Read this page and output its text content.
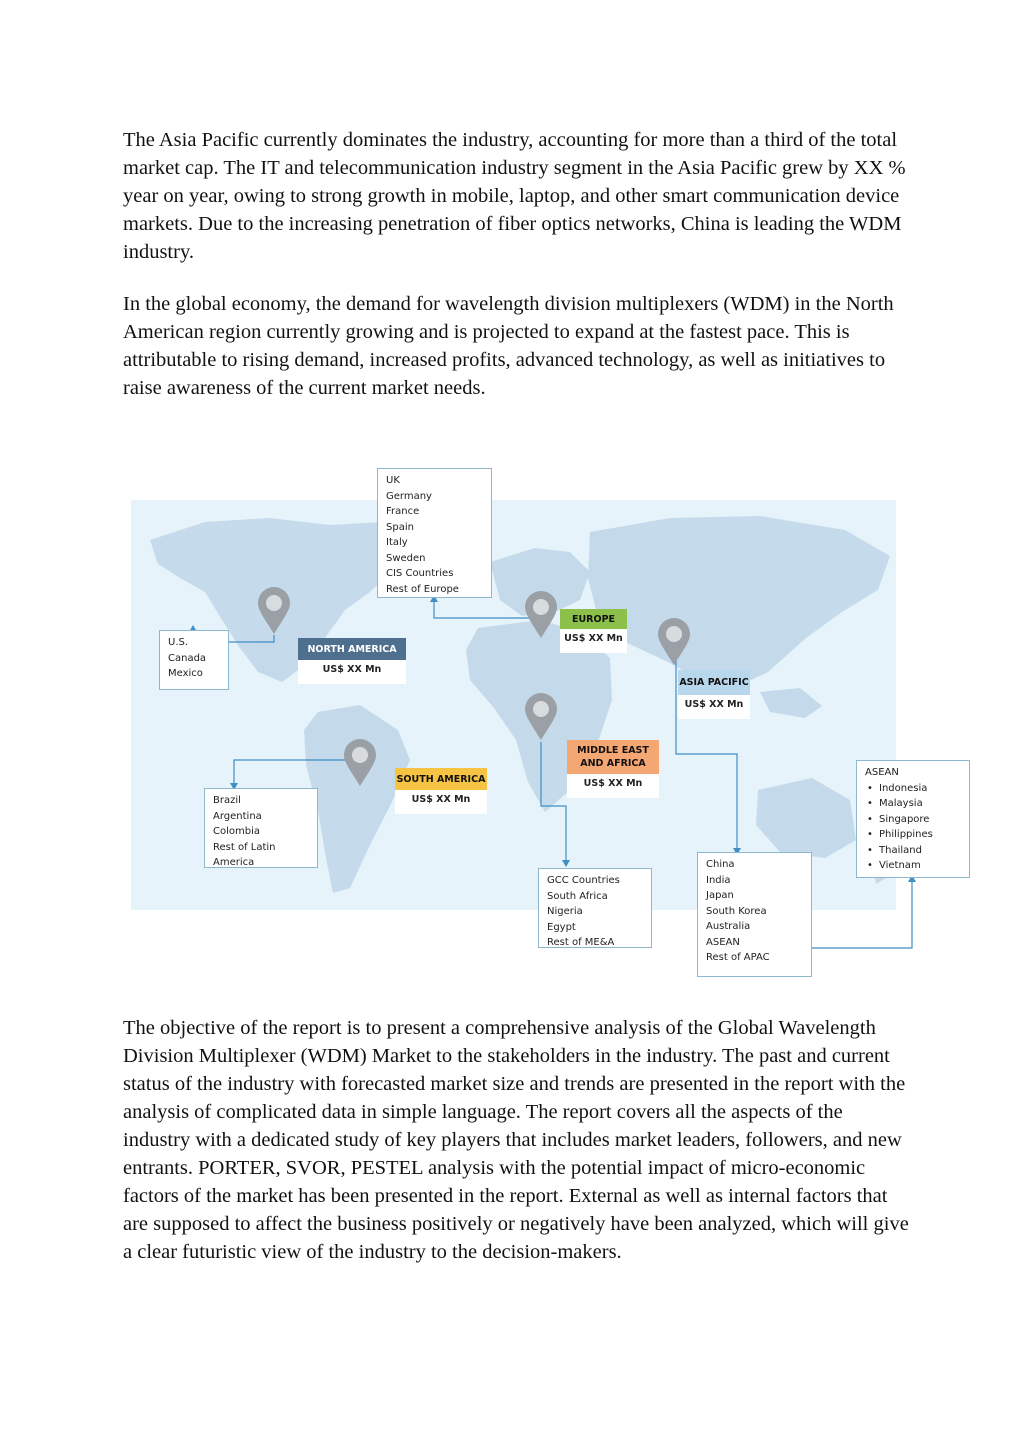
The Asia Pacific currently dominates the industry, accounting for more than a third of the total market cap. The IT and telecommunication industry segment in the Asia Pacific grew by XX % year on year, owing to strong growth in mobile, laptop, and other smart communication device markets. Due to the increasing penetration of fiber optics networks, China is leading the WDM industry.

In the global economy, the demand for wavelength division multiplexers (WDM) in the North American region currently growing and is projected to expand at the fastest pace. This is attributable to rising demand, increased profits, advanced technology, as well as initiatives to raise awareness of the current market needs.

UK
Germany
France
Spain
Italy
Sweden
CIS Countries
Rest of Europe
U.S.
Canada
Mexico
Brazil
Argentina
Colombia
Rest of Latin
America
GCC Countries
South Africa
Nigeria
Egypt
Rest of ME&A
China
India
Japan
South Korea
Australia
ASEAN
Rest of APAC
ASEAN
• Indonesia
• Malaysia
• Singapore
• Philippines
• Thailand
• Vietnam
NORTH AMERICA
US$ XX Mn
EUROPE
US$ XX Mn
ASIA PACIFIC
US$ XX Mn
MIDDLE EAST AND AFRICA
US$ XX Mn
SOUTH AMERICA
US$ XX Mn

The objective of the report is to present a comprehensive analysis of the Global Wavelength Division Multiplexer (WDM) Market to the stakeholders in the industry. The past and current status of the industry with forecasted market size and trends are presented in the report with the analysis of complicated data in simple language. The report covers all the aspects of the industry with a dedicated study of key players that includes market leaders, followers, and new entrants. PORTER, SVOR, PESTEL analysis with the potential impact of micro-economic factors of the market has been presented in the report. External as well as internal factors that are supposed to affect the business positively or negatively have been analyzed, which will give a clear futuristic view of the industry to the decision-makers.
